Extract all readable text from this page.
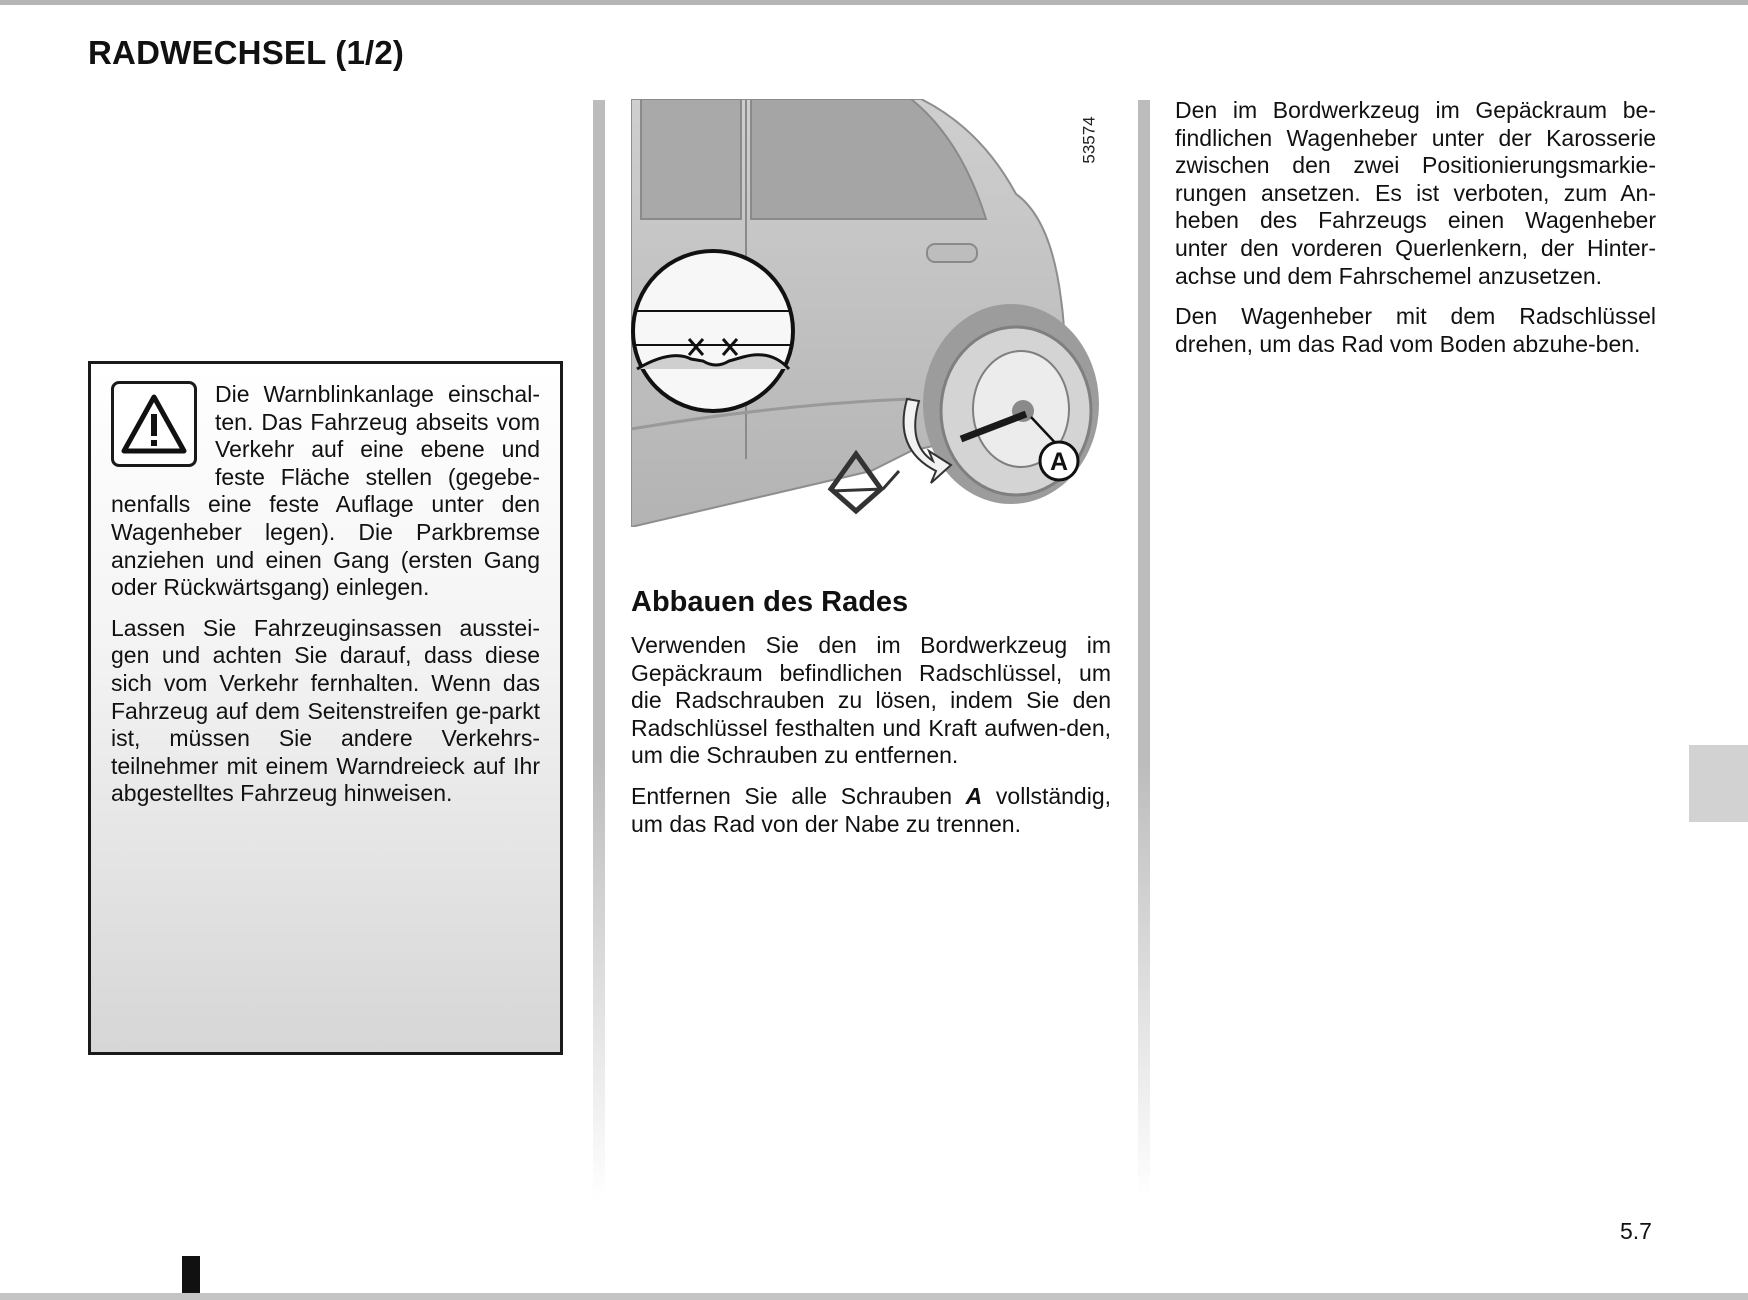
RADWECHSEL (1/2)

Die Warnblinkanlage einschal-ten. Das Fahrzeug abseits vom Verkehr auf eine ebene und feste Fläche stellen (gegebe-nenfalls eine feste Auflage unter den Wagenheber legen). Die Parkbremse anziehen und einen Gang (ersten Gang oder Rückwärtsgang) einlegen.

Lassen Sie Fahrzeuginsassen ausstei-gen und achten Sie darauf, dass diese sich vom Verkehr fernhalten. Wenn das Fahrzeug auf dem Seitenstreifen ge-parkt ist, müssen Sie andere Verkehrs-teilnehmer mit einem Warndreieck auf Ihr abgestelltes Fahrzeug hinweisen.

A
53574
Abbauen des Rades

Verwenden Sie den im Bordwerkzeug im Gepäckraum befindlichen Radschlüssel, um die Radschrauben zu lösen, indem Sie den Radschlüssel festhalten und Kraft aufwen-den, um die Schrauben zu entfernen.

Entfernen Sie alle Schrauben A vollständig, um das Rad von der Nabe zu trennen.

Den im Bordwerkzeug im Gepäckraum be-findlichen Wagenheber unter der Karosserie zwischen den zwei Positionierungsmarkie-rungen ansetzen. Es ist verboten, zum An-heben des Fahrzeugs einen Wagenheber unter den vorderen Querlenkern, der Hinter-achse und dem Fahrschemel anzusetzen.

Den Wagenheber mit dem Radschlüssel drehen, um das Rad vom Boden abzuhe-ben.

5.7
